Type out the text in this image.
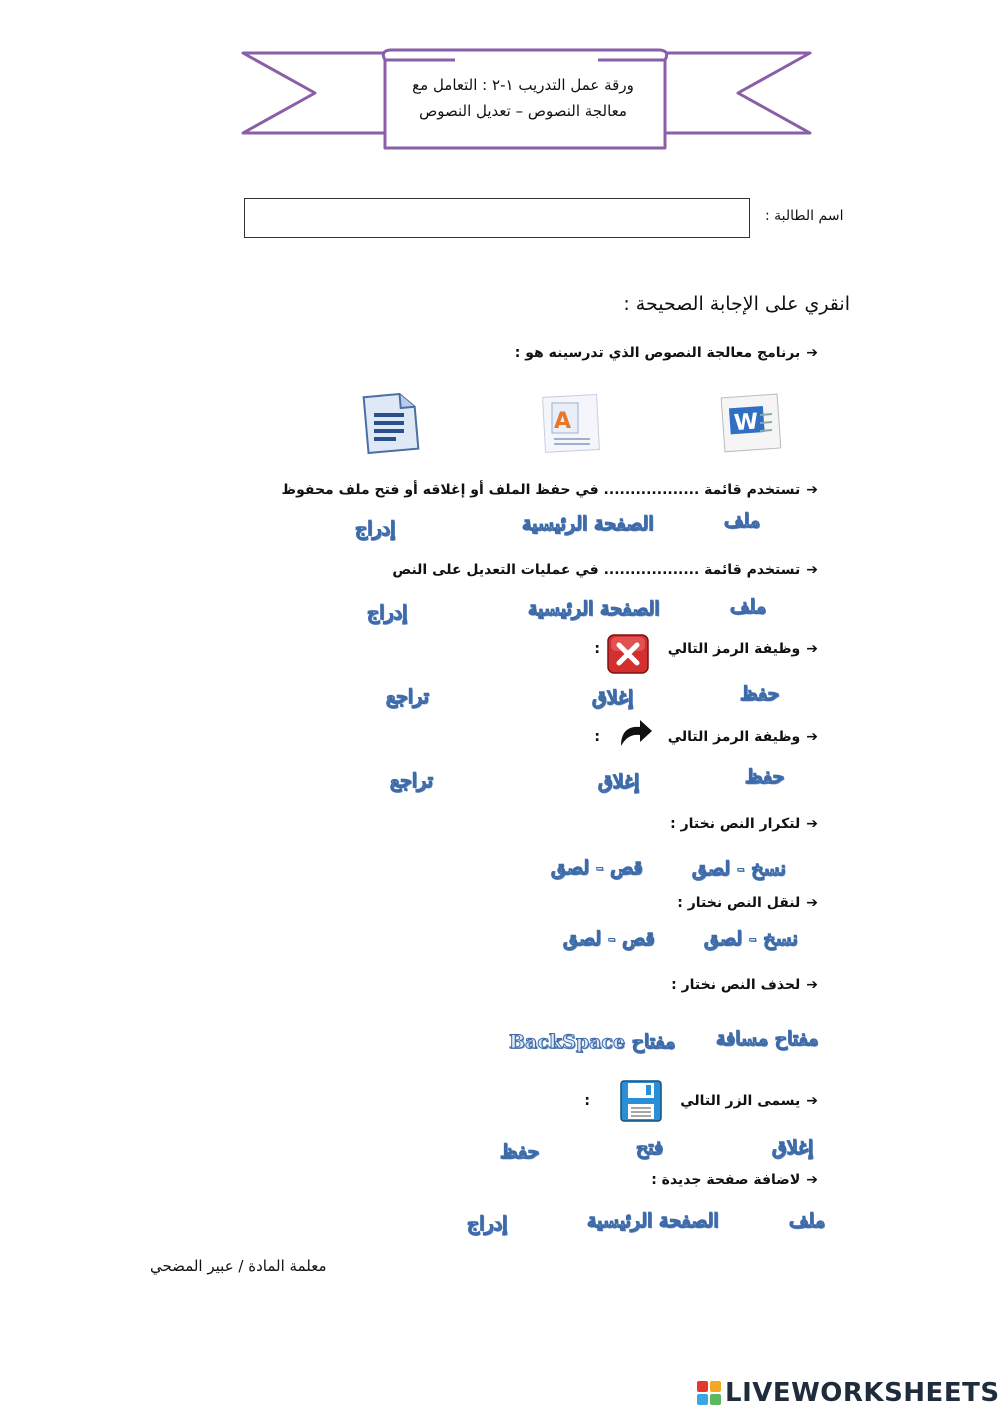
ورقة عمل التدريب ١-٢ : التعامل مع
معالجة النصوص – تعديل النصوص
اسم الطالبة :
انقري على الإجابة الصحيحة :
➔برنامج معالجة النصوص الذي تدرسينه هو :
W
A
➔تستخدم قائمة .................. في حفظ الملف أو إغلاقه أو فتح ملف محفوظ
ملف
الصفحة الرئيسية
إدراج
➔تستخدم قائمة .................. في عمليات التعديل على النص
ملف
الصفحة الرئيسية
إدراج
➔وظيفة الرمز التالي
:
حفظ
إغلاق
تراجع
➔وظيفة الرمز التالي
:
حفظ
إغلاق
تراجع
➔لتكرار النص نختار :
نسخ - لصق
قص - لصق
➔لنقل النص نختار :
نسخ - لصق
قص - لصق
➔لحذف النص نختار :
مفتاح مسافة
مفتاح BackSpace
➔يسمى الزر التالي
:
إغلاق
فتح
حفظ
➔لاضافة صفحة جديدة :
ملف
الصفحة الرئيسية
إدراج
معلمة المادة / عبير المضحي
LIVEWORKSHEETS
